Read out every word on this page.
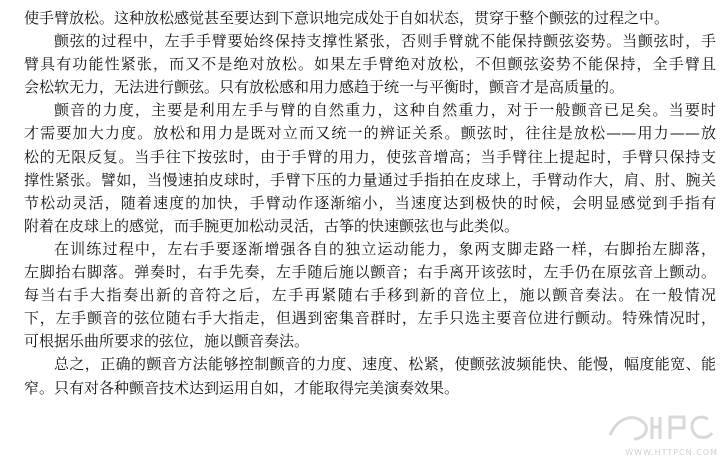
使手臂放松。这种放松感觉甚至要达到下意识地完成处于自如状态，贯穿于整个颤弦的过程之中。
颤弦的过程中，左手手臂要始终保持支撑性紧张，否则手臂就不能保持颤弦姿势。当颤弦时，手
臂具有功能性紧张，而又不是绝对放松。如果左手臂绝对放松，不但颤弦姿势不能保持，全手臂且
会松软无力，无法进行颤弦。只有放松感和用力感趋于统一与平衡时，颤音才是高质量的。
颤音的力度，主要是利用左手与臂的自然重力，这种自然重力，对于一般颤音已足矣。当要时
才需要加大力度。放松和用力是既对立而又统一的辨证关系。颤弦时，往往是放松——用力——放
松的无限反复。当手往下按弦时，由于手臂的用力，使弦音增高；当手臂往上提起时，手臂只保持支
撑性紧张。譬如，当慢速拍皮球时，手臂下压的力量通过手指拍在皮球上，手臂动作大，肩、肘、腕关
节松动灵活，随着速度的加快，手臂动作逐渐缩小，当速度达到极快的时候，会明显感觉到手指有
附着在皮球上的感觉，而手腕更加松动灵活，古筝的快速颤弦也与此类似。
在训练过程中，左右手要逐渐增强各自的独立运动能力，象两支脚走路一样，右脚抬左脚落，
左脚抬右脚落。弹奏时，右手先奏，左手随后施以颤音；右手离开该弦时，左手仍在原弦音上颤动。
每当右手大指奏出新的音符之后，左手再紧随右手移到新的音位上，施以颤音奏法。在一般情况
下，左手颤音的弦位随右手大指走，但遇到密集音群时，左手只选主要音位进行颤动。特殊情况时，
可根据乐曲所要求的弦位，施以颤音奏法。
总之，正确的颤音方法能够控制颤音的力度、速度、松紧，使颤弦波频能快、能慢，幅度能宽、能
窄。只有对各种颤音技术达到运用自如，才能取得完美演奏效果。
WWW.HTTPCN.COM
